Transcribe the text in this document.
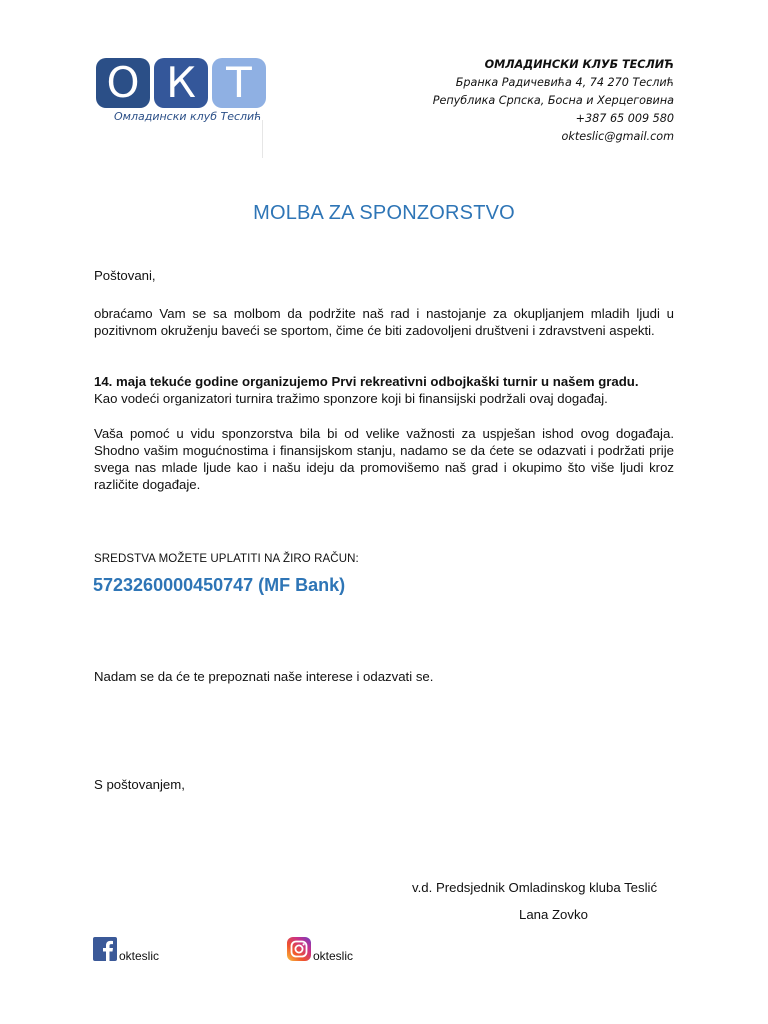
О К Т
Омладински клуб Теслић
ОМЛАДИНСКИ КЛУБ ТЕСЛИЋ
Бранка Радичевића 4, 74 270 Теслић
Република Српска, Босна и Херцеговина
+387 65 009 580
okteslic@gmail.com
MOLBA ZA SPONZORSTVO

Poštovani,

obraćamo Vam se sa molbom da podržite naš rad i nastojanje za okupljanjem mladih ljudi u pozitivnom okruženju baveći se sportom, čime će biti zadovoljeni društveni i zdravstveni aspekti.

14. maja tekuće godine organizujemo Prvi rekreativni odbojkaški turnir u našem gradu.

Kao vodeći organizatori turnira tražimo sponzore koji bi finansijski podržali ovaj događaj.

Vaša pomoć u vidu sponzorstva bila bi od velike važnosti za uspješan ishod ovog događaja. Shodno vašim mogućnostima i finansijskom stanju, nadamo se da ćete se odazvati i podržati prije svega nas mlade ljude kao i našu ideju da promovišemo naš grad i okupimo što više ljudi kroz različite događaje.

SREDSTVA MOŽETE UPLATITI NA ŽIRO RAČUN:
5723260000450747 (MF Bank)
Nadam se da će te prepoznati naše interese i odazvati se.
S poštovanjem,
v.d. Predsjednik Omladinskog kluba Teslić
Lana Zovko
okteslic	okteslic
